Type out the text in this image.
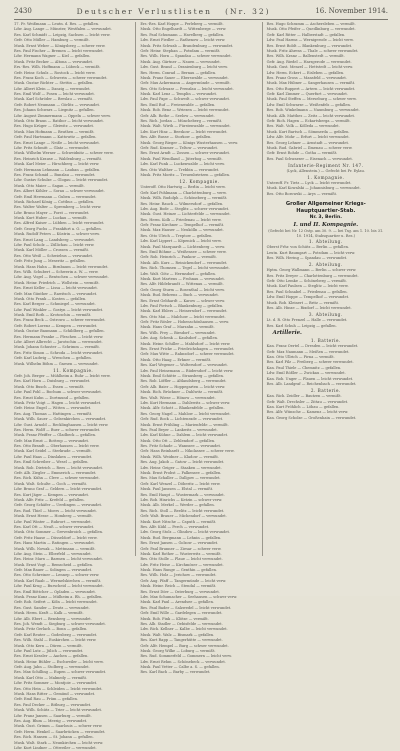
2430	Deutscher Verlustlisten (Nr. 32)	16. November 1914.
17. Fr. Weißmann — Leutn. d. Res. — gefallen.
Ldw. Aug. Lange — Münster, Westfalen — verwundet.
Res. Karl Schmidt — Leipzig, Sachsen — leicht verw.
Gefr. Otto Müller — Hamburg — vermißt.
Musk. Ernst Weber — Königsberg — schwer verw.
Res. Paul Fischer — Bremen — leicht verwundet.
Ldw. Hermann Wagner — Kiel — gefallen.
Musk. Fritz Becker — Altona — verwundet.
Ers.-Res. Wilh. Hoffmann — Lübeck — vermißt.
Gefr. Heinr. Schulz — Rostock — leicht verw.
Res. Franz Koch — Schwerin — schwer verwundet.
Musk. Gustav Richter — Stettin — gefallen.
Ldw. Albert Klein — Danzig — verwundet.
Res. Emil Wolf — Posen — leicht verwundet.
Musk. Karl Schröder — Breslau — vermißt.
Gefr. Robert Neumann — Görlitz — verwundet.
Res. Johann Schwarz — Liegnitz — gefallen.
Ldw. August Zimmermann — Oppeln — schwer verw.
Musk. Otto Braun — Ratibor — leicht verwundet.
Res. Hugo Krüger — Gleiwitz — verwundet.
Musk. Max Hofmann — Beuthen — vermißt.
Gefr. Paul Hartmann — Kattowitz — gefallen.
Res. Ernst Lange — Neiße — leicht verwundet.
Ldw. Fritz Schmitt — Glatz — verwundet.
Musk. Wilhelm Werner — Schweidnitz — schwer verw.
Res. Heinrich Krause — Waldenburg — vermißt.
Musk. Karl Meier — Hirschberg — leicht verw.
Gefr. Hermann Lehmann — Lauban — gefallen.
Res. Franz Schmid — Bunzlau — verwundet.
Ldw. Gustav Schulze — Glogau — leicht verwundet.
Musk. Otto Maier — Sagan — vermißt.
Res. Albert Köhler — Sorau — schwer verwundet.
Gefr. Emil Herrmann — Guben — verwundet.
Musk. Richard König — Cottbus — gefallen.
Res. Walter Walter — Spremberg — leicht verw.
Ldw. Bruno Mayer — Forst — verwundet.
Musk. Kurt Huber — Luckau — vermißt.
Res. Alfred Kaiser — Lübben — leicht verwundet.
Gefr. Georg Fuchs — Frankfurt a. O. — gefallen.
Musk. Rudolf Peters — Küstrin — schwer verw.
Res. Ernst Lang — Landsberg — verwundet.
Ldw. Paul Scholz — Züllichau — leicht verw.
Musk. Karl Möller — Crossen — vermißt.
Res. Otto Weiß — Schwiebus — verwundet.
Gefr. Fritz Jung — Meseritz — gefallen.
Musk. Hans Hahn — Birnbaum — leicht verwundet.
Res. Wilh. Schubert — Schwerin a. W. — verw.
Ldw. Aug. Vogel — Bentschen — schwer verwundet.
Musk. Heinr. Friedrich — Wollstein — vermißt.
Res. Ernst Keller — Lissa — leicht verwundet.
Gefr. Max Günther — Rawitsch — verwundet.
Musk. Otto Frank — Kosten — gefallen.
Res. Karl Berger — Schmiegel — verwundet.
Ldw. Paul Winkler — Gostyn — leicht verwundet.
Musk. Emil Roth — Krotoschin — vermißt.
Res. Franz Beck — Ostrowo — schwer verwundet.
Gefr. Robert Lorenz — Kempen — verwundet.
Musk. Gustav Baumann — Schildberg — gefallen.
Res. Hermann Franke — Pleschen — leicht verw.
Ldw. Albert Albrecht — Jarotschin — verwundet.
Musk. Johann Schuster — Schrimm — vermißt.
Res. Fritz Simon — Schroda — leicht verwundet.
Gefr. Karl Ludwig — Wreschen — gefallen.
Musk. Wilhelm Böhm — Gnesen — verwundet.
11. Kompagnie.
Gefr. Joh. Berger — Mühlheim a. Ruhr — leicht verw.
Res. Karl Horn — Duisburg — verwundet.
Musk. Otto Busch — Essen — vermißt.
Ldw. Paul Pohl — Bochum — schwer verwundet.
Res. Ernst Kuhn — Dortmund — gefallen.
Musk. Fritz Voigt — Hagen — leicht verwundet.
Gefr. Heinr. Engel — Witten — verwundet.
Res. Aug. Thomas — Hattingen — vermißt.
Musk. Wilh. Sauer — Gelsenkirchen — verwundet.
Ldw. Gust. Arnold — Recklinghausen — leicht verw.
Res. Herm. Wolff — Buer — schwer verwundet.
Musk. Franz Pfeiffer — Gladbeck — gefallen.
Gefr. Max Ernst — Bottrop — verwundet.
Res. Otto Brandt — Oberhausen — leicht verw.
Musk. Karl Seidel — Sterkrade — vermißt.
Ldw. Paul Haas — Dinslaken — verwundet.
Res. Emil Schreiber — Wesel — gefallen.
Musk. Rob. Dietrich — Rees — leicht verwundet.
Gefr. Alb. Ziegler — Emmerich — verwundet.
Res. Rich. Kühn — Cleve — schwer verwundet.
Musk. Walt. Schulte — Goch — vermißt.
Ldw. Bruno Graf — Geldern — leicht verwundet.
Res. Kurt Jäger — Kempen — verwundet.
Musk. Alfr. Fritz — Krefeld — gefallen.
Gefr. Georg Schäfer — Uerdingen — verwundet.
Res. Rud. Thiel — Moers — leicht verwundet.
Musk. Ernst Hesse — Homberg — vermißt.
Ldw. Paul Winter — Ruhrort — verwundet.
Res. Karl Ott — Neuß — schwer verwundet.
Musk. Otto Sommer — Grevenbroich — gefallen.
Gefr. Fritz Haase — Düsseldorf — leicht verw.
Res. Hans Martin — Ratingen — verwundet.
Musk. Wilh. Nowak — Mettmann — vermißt.
Ldw. Aug. Stein — Elberfeld — verwundet.
Res. Heinr. Marx — Barmen — leicht verwundet.
Musk. Ernst Vogt — Remscheid — gefallen.
Gefr. Max Bauer — Solingen — verwundet.
Res. Otto Schreiner — Lennep — schwer verw.
Musk. Karl Raab — Wermelskirchen — vermißt.
Ldw. Paul Krug — Burscheid — leicht verwundet.
Res. Emil Böttcher — Opladen — verwundet.
Musk. Franz Kunz — Mülheim a. Rh. — gefallen.
Gefr. Rob. Seifert — Köln — leicht verwundet.
Res. Gust. Sander — Deutz — verwundet.
Musk. Herm. Kraft — Kalk — vermißt.
Ldw. Alb. Ebert — Bensberg — verwundet.
Res. Joh. Wendt — Siegburg — schwer verwundet.
Musk. Fritz Gerlach — Bonn — gefallen.
Gefr. Karl Reuter — Godesberg — verwundet.
Res. Wilh. Stahl — Euskirchen — leicht verw.
Musk. Otto Kern — Düren — vermißt.
Ldw. Paul Lutz — Jülich — verwundet.
Res. Ernst Kessler — Aachen — gefallen.
Musk. Heinr. Bühler — Eschweiler — leicht verw.
Gefr. Aug. Jahn — Stolberg — verwundet.
Res. Max Schilling — Eupen — schwer verwundet.
Musk. Karl Otto — Malmedy — vermißt.
Ldw. Fritz Sommer — Montjoie — verwundet.
Res. Otto Hein — Schleiden — leicht verwundet.
Musk. Hans Ritter — Gemünd — verwundet.
Gefr. Emil Rau — Prüm — gefallen.
Res. Paul Decker — Bitburg — verwundet.
Musk. Wilh. Schütz — Trier — leicht verwundet.
Ldw. Franz Jansen — Saarburg — vermißt.
Res. Aug. Blum — Merzig — verwundet.
Musk. Gust. Grimm — Saarlouis — schwer verw.
Gefr. Herm. Henkel — Saarbrücken — verwundet.
Res. Rich. Hansen — St. Johann — gefallen.
Musk. Walt. Stark — Neunkirchen — leicht verw.
Ldw. Kurt Lindner — Ottweiler — verwundet.
Ers.-Res. Karl Hoppe — Perleberg — vermißt.
Musk. Otto Engelhardt — Wittenberge — verw.
Res. Paul Schumann — Havelberg — gefallen.
Ldw. Ernst Fiedler — Rathenow — leicht verw.
Musk. Fritz Schwab — Brandenburg — verwundet.
Gefr. Heinr. Stephan — Potsdam — vermißt.
Res. Wilh. Horn — Spandau — schwer verwundet.
Musk. Aug. Gärtner — Nauen — verwundet.
Ldw. Gust. Brand — Oranienburg — leicht verw.
Res. Herm. Conrad — Bernau — gefallen.
Musk. Franz Sauer — Eberswalde — verwundet.
Gefr. Max Ackermann — Angermünde — vermißt.
Res. Otto Schwarz — Prenzlau — leicht verwundet.
Musk. Karl Lenz — Templin — verwundet.
Ldw. Paul Pape — Schwedt — schwer verwundet.
Res. Emil Ruf — Freienwalde — gefallen.
Musk. Rob. Benz — Wriezen — leicht verwundet.
Gefr. Alb. Rothe — Seelow — verwundet.
Res. Rich. Jordan — Müncheberg — vermißt.
Musk. Walt. Wirth — Fürstenwalde — verwundet.
Ldw. Kurt Hinz — Beeskow — leicht verwundet.
Res. Alfr. Busse — Storkow — gefallen.
Musk. Georg Rieger — Königs Wusterhausen — verw.
Gefr. Rud. Kramer — Teltow — verwundet.
Res. Ernst Arndt — Zossen — schwer verwundet.
Musk. Paul Wendland — Jüterbog — vermißt.
Ldw. Karl Funk — Luckenwalde — leicht verw.
Res. Otto Walther — Trebbin — verwundet.
Musk. Fritz Moritz — Treuenbrietzen — gefallen.
12. Kompagnie.
Unteroff. Otto Hartwig — Berlin — leicht verw.
Gefr. Karl Pohlmann — Charlottenburg — verw.
Musk. Wilh. Rudolph — Schöneberg — vermißt.
Res. Heinr. Rauch — Wilmersdorf — gefallen.
Ldw. Aug. Bode — Steglitz — schwer verwundet.
Musk. Gust. Heinze — Lichterfelde — verwundet.
Res. Herm. Kolb — Friedenau — leicht verw.
Gefr. Franz Kirchner — Tempelhof — vermißt.
Musk. Max Hauser — Neukölln — verwundet.
Res. Otto Ulrich — Treptow — gefallen.
Ldw. Karl Lippert — Köpenick — leicht verw.
Musk. Paul Marquardt — Lichtenberg — verw.
Res. Emil Böhme — Weißensee — schwer verw.
Gefr. Rob. Heinrich — Pankow — vermißt.
Musk. Alb. Kurz — Reinickendorf — verwundet.
Res. Rich. Thomsen — Tegel — leicht verwundet.
Ldw. Walt. Götz — Hermsdorf — gefallen.
Musk. Kurt Martens — Frohnau — verwundet.
Res. Alfr. Hildebrandt — Wittenau — vermißt.
Gefr. Georg Sturm — Rosenthal — leicht verw.
Musk. Rud. Behrens — Buch — verwundet.
Res. Ernst Gebhardt — Karow — schwer verw.
Ldw. Paul Pietsch — Blankenburg — gefallen.
Musk. Karl Ehlers — Heinersdorf — verwundet.
Res. Otto Mai — Malchow — leicht verwundet.
Gefr. Fritz Rösler — Hohenschönhausen — verw.
Musk. Hans Graf — Marzahn — vermißt.
Res. Wilh. Frey — Biesdorf — verwundet.
Ldw. Aug. Schenk — Kaulsdorf — gefallen.
Musk. Heinr. Schiller — Mahlsdorf — leicht verw.
Res. Ernst Fricke — Friedrichshagen — verwundet.
Gefr. Max Witte — Rahnsdorf — schwer verwundet.
Musk. Otto Haag — Erkner — vermißt.
Res. Karl Wegener — Woltersdorf — verwundet.
Ldw. Paul Heinemann — Rüdersdorf — leicht verw.
Musk. Emil Schütte — Strausberg — gefallen.
Res. Rob. Löffler — Altlandsberg — verwundet.
Gefr. Alb. Baier — Hoppegarten — leicht verw.
Musk. Rich. Brückner — Dahlwitz — vermißt.
Res. Walt. Wiese — Hönow — verwundet.
Ldw. Kurt Hermann — Dahlewitz — schwer verw.
Musk. Alfr. Schott — Blankenfelde — gefallen.
Res. Georg Nagel — Mahlow — leicht verwundet.
Gefr. Rud. Bock — Lichtenrade — verwundet.
Musk. Ernst Frühling — Marienfelde — vermißt.
Res. Paul Beyer — Lankwitz — verwundet.
Ldw. Karl Kühne — Dahlem — leicht verwundet.
Musk. Otto Ott — Zehlendorf — gefallen.
Res. Fritz Schade — Wannsee — verwundet.
Gefr. Hans Reinhardt — Nikolassee — schwer verw.
Musk. Wilh. Weidner — Kladow — vermißt.
Res. Aug. Jakob — Gatow — leicht verwundet.
Ldw. Heinr. Geiger — Staaken — verwundet.
Musk. Ernst Probst — Falkensee — gefallen.
Res. Max Schaller — Dallgow — verwundet.
Gefr. Karl Wenzel — Döberitz — leicht verw.
Musk. Paul Janssen — Elstal — vermißt.
Res. Emil Haupt — Wustermark — verwundet.
Ldw. Rob. Hinrichs — Ketzin — schwer verw.
Musk. Alb. Merkel — Werder — gefallen.
Res. Rich. Stoll — Beelitz — leicht verwundet.
Gefr. Walt. Brauer — Michendorf — verwundet.
Musk. Kurt Nitsche — Caputh — vermißt.
Res. Alfr. Kühl — Ferch — verwundet.
Ldw. Georg Stolz — Glindow — leicht verwundet.
Musk. Rud. Bergmann — Lehnin — gefallen.
Res. Ernst Jansen — Golzow — verwundet.
Gefr. Paul Brunner — Ziesar — schwer verw.
Musk. Karl Rother — Wusterwitz — vermißt.
Res. Otto Stolle — Plaue — leicht verwundet.
Ldw. Fritz Heise — Kirchmöser — verwundet.
Musk. Hans Runge — Genthin — gefallen.
Res. Wilh. Holz — Jerichow — verwundet.
Gefr. Aug. Pfaff — Tangermünde — leicht verw.
Musk. Heinr. Reich — Stendal — vermißt.
Res. Ernst Dörr — Osterburg — verwundet.
Ldw. Max Schumacher — Seehausen — schwer verw.
Musk. Karl Paul — Arendsee — gefallen.
Res. Paul Bader — Salzwedel — leicht verwundet.
Gefr. Emil Wille — Gardelegen — verwundet.
Musk. Rob. Fink — Klötze — vermißt.
Res. Alb. Stadler — Oebisfelde — verwundet.
Ldw. Rich. Kellner — Kalbe — leicht verwundet.
Musk. Walt. Walz — Bismark — gefallen.
Res. Kurt Rapp — Tangerhütte — verwundet.
Gefr. Alfr. Hempel — Burg — schwer verwundet.
Musk. Georg Wilke — Loburg — vermißt.
Res. Rud. Sommerfeld — Gommern — leicht verw.
Ldw. Ernst Rehm — Schönebeck — verwundet.
Musk. Paul Vetter — Calbe a. S. — gefallen.
Res. Karl Bach — Barby — verwundet.
Res. Hugo Schramm — Aschersleben — vermißt.
Musk. Otto Pfeifer — Quedlinburg — verwundet.
Gefr. Karl Ritter — Halberstadt — gefallen.
Ldw. Paul Harms — Wernigerode — leicht verw.
Res. Ernst Boldt — Blankenburg — verwundet.
Musk. Fritz Ahrens — Thale — schwer verwundet.
Res. Wilh. Kranz — Ballenstedt — vermißt.
Gefr. Aug. Riedel — Harzgerode — verwundet.
Musk. Gust. Menzel — Hettstedt — leicht verw.
Ldw. Herm. Eckert — Eisleben — gefallen.
Res. Franz Gross — Mansfeld — verwundet.
Musk. Max Hübner — Sangerhausen — vermißt.
Res. Otto Ruppert — Artern — leicht verwundet.
Gefr. Karl Zimmer — Querfurt — verwundet.
Musk. Paul Steffen — Merseburg — schwer verw.
Ldw. Emil Schwarze — Weißenfels — gefallen.
Res. Rob. Winkelmann — Naumburg — verwundet.
Musk. Alb. Matthes — Zeitz — leicht verwundet.
Gefr. Rich. Hagen — Eckartsberga — vermißt.
Res. Walt. Volk — Kölleda — verwundet.
Musk. Kurt Bartsch — Sömmerda — gefallen.
Ldw. Alfr. Mohr — Erfurt — leicht verwundet.
Res. Georg Lehner — Arnstadt — verwundet.
Musk. Rud. Gabriel — Ilmenau — schwer verw.
Gefr. Ernst Rohde — Gotha — vermißt.
Res. Paul Schwarzer — Eisenach — verwundet.
Infanterie-Regiment Nr. 147.
(Lyck, Allenstein.) — Gefecht bei Pr. Eylau.
1. Kompagnie.
Unteroff. Fr. Tietz — Lyck — leicht verwundet.
Musk. Karl Kowalski — Johannisburg — verwundet.
Res. Otto Borowski — Arys — vermißt.
Großer Allgemeiner Kriegs-Hauptquartier-Stab.
Nr. 3, Berlin.
I. und II. Kompagnie.
(Gefecht bei Nr. 12 Ostp. am 30. 9. — bei Tsg. am 1. 10. bis 31. 10. 1914, Stabsquartier u. Res.)
1. Abteilung.
Oberst Frhr. von Schütz — Berlin — gefallen.
Leutn. Kurt Baumgart — Potsdam — leicht verw.
Res. Wilh. Hering — Spandau — verwundet.
2. Abteilung.
Hptm. Georg Wallmann — Berlin — schwer verw.
Res. Fritz Dreyer — Charlottenburg — verwundet.
Gefr. Otto Lemke — Schöneberg — vermißt.
Musk. Karl Paulsen — Steglitz — leicht verw.
Res. Paul Schnabel — Friedenau — gefallen.
Ldw. Emil Hoppe — Tempelhof — verwundet.
Musk. Rob. Kleinert — Britz — vermißt.
Res. Alb. Hinze — Rixdorf — leicht verwundet.
3. Abteilung.
Lt. d. R. Otto Frenzel — Halle — verwundet.
Res. Karl Schuh — Leipzig — gefallen.
Artillerie.
1. Batterie.
Kan. Franz Oertel — Dresden — leicht verwundet.
Gefr. Max Naumann — Meißen — verwundet.
Kan. Otto Ullrich — Pirna — vermißt.
Res. Karl Pilz — Freiberg — schwer verwundet.
Kan. Paul Thiele — Chemnitz — gefallen.
Ldw. Emil Rößler — Zwickau — verwundet.
Kan. Rob. Unger — Plauen — leicht verwundet.
Res. Alb. Landgraf — Reichenbach — verwundet.
2. Batterie.
Kan. Rich. Zeidler — Bautzen — vermißt.
Gefr. Walt. Drechsler — Zittau — verwundet.
Kan. Kurt Fröhlich — Löbau — gefallen.
Res. Alfr. Wünsche — Kamenz — leicht verw.
Kan. Georg Scholze — Großenhain — verwundet.
